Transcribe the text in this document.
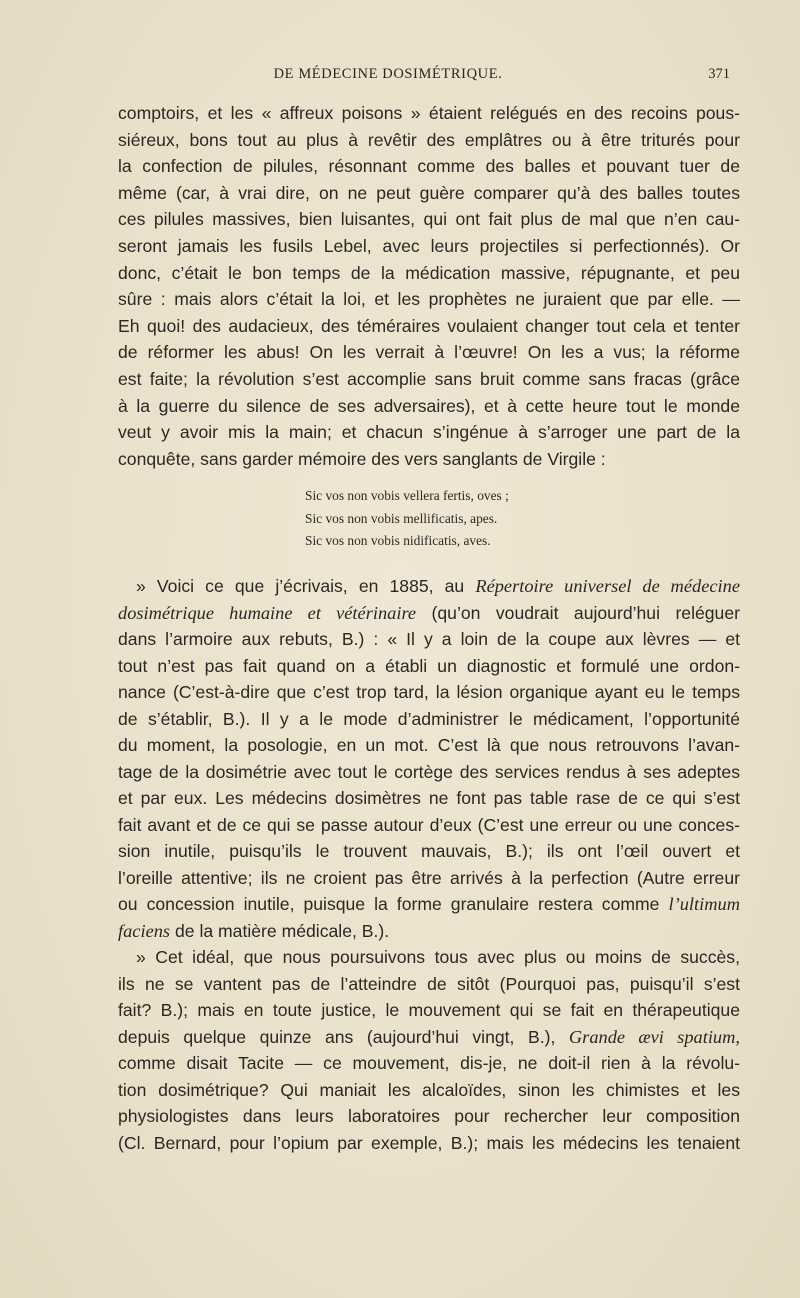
DE MÉDECINE DOSIMÉTRIQUE.	371

comptoirs, et les « affreux poisons » étaient relégués en des recoins pous-

siéreux, bons tout au plus à revêtir des emplâtres ou à être triturés pour

la confection de pilules, résonnant comme des balles et pouvant tuer de

même (car, à vrai dire, on ne peut guère comparer qu’à des balles toutes

ces pilules massives, bien luisantes, qui ont fait plus de mal que n’en cau-

seront jamais les fusils Lebel, avec leurs projectiles si perfectionnés). Or

donc, c’était le bon temps de la médication massive, répugnante, et peu

sûre : mais alors c’était la loi, et les prophètes ne juraient que par elle. —

Eh quoi! des audacieux, des téméraires voulaient changer tout cela et tenter

de réformer les abus! On les verrait à l’œuvre! On les a vus; la réforme

est faite; la révolution s’est accomplie sans bruit comme sans fracas (grâce

à la guerre du silence de ses adversaires), et à cette heure tout le monde

veut y avoir mis la main; et chacun s’ingénue à s’arroger une part de la

conquête, sans garder mémoire des vers sanglants de Virgile :

Sic vos non vobis vellera fertis, oves ;
Sic vos non vobis mellificatis, apes.
Sic vos non vobis nidificatis, aves.

» Voici ce que j’écrivais, en 1885, au Répertoire universel de médecine

dosimétrique humaine et vétérinaire (qu’on voudrait aujourd’hui reléguer

dans l’armoire aux rebuts, B.) : « Il y a loin de la coupe aux lèvres — et

tout n’est pas fait quand on a établi un diagnostic et formulé une ordon-

nance (C’est-à-dire que c’est trop tard, la lésion organique ayant eu le temps

de s’établir, B.). Il y a le mode d’administrer le médicament, l’opportunité

du moment, la posologie, en un mot. C’est là que nous retrouvons l’avan-

tage de la dosimétrie avec tout le cortège des services rendus à ses adeptes

et par eux. Les médecins dosimètres ne font pas table rase de ce qui s’est

fait avant et de ce qui se passe autour d’eux (C’est une erreur ou une conces-

sion inutile, puisqu’ils le trouvent mauvais, B.); ils ont l’œil ouvert et

l’oreille attentive; ils ne croient pas être arrivés à la perfection (Autre erreur

ou concession inutile, puisque la forme granulaire restera comme l’ultimum

faciens de la matière médicale, B.).

» Cet idéal, que nous poursuivons tous avec plus ou moins de succès,

ils ne se vantent pas de l’atteindre de sitôt (Pourquoi pas, puisqu’il s’est

fait? B.); mais en toute justice, le mouvement qui se fait en thérapeutique

depuis quelque quinze ans (aujourd’hui vingt, B.), Grande ævi spatium,

comme disait Tacite — ce mouvement, dis-je, ne doit-il rien à la révolu-

tion dosimétrique? Qui maniait les alcaloïdes, sinon les chimistes et les

physiologistes dans leurs laboratoires pour rechercher leur composition

(Cl. Bernard, pour l’opium par exemple, B.); mais les médecins les tenaient
